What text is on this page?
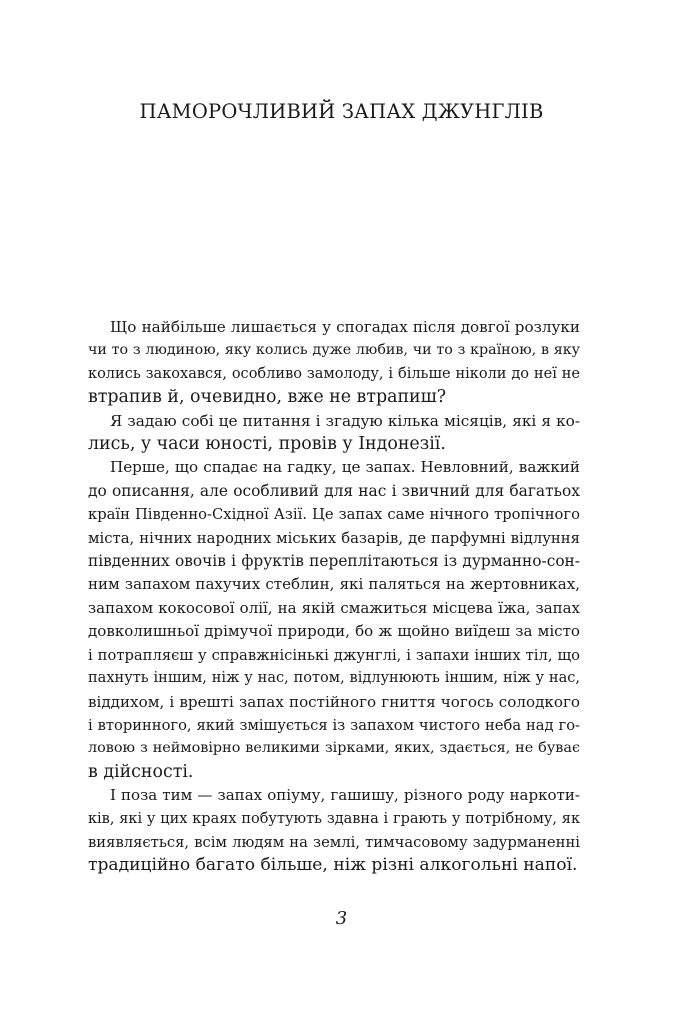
ПАМОРОЧЛИВИЙ ЗАПАХ ДЖУНГЛІВ

Що найбільше лишається у спогадах після довгої розлуки
чи то з людиною, яку колись дуже любив, чи то з країною, в яку
колись закохався, особливо замолоду, і більше ніколи до неї не
втрапив й, очевидно, вже не втрапиш?

Я задаю собі це питання і згадую кілька місяців, які я ко-
лись, у часи юності, провів у Індонезії.

Перше, що спадає на гадку, це запах. Невловний, важкий
до описання, але особливий для нас і звичний для багатьох
країн Південно-Східної Азії. Це запах саме нічного тропічного
міста, нічних народних міських базарів, де парфумні відлуння
південних овочів і фруктів переплітаються із дурманно-сон-
ним запахом пахучих стеблин, які паляться на жертовниках,
запахом кокосової олії, на якій смажиться місцева їжа, запах
довколишньої дрімучої природи, бо ж щойно виїдеш за місто
і потрапляєш у справжнісінькі джунглі, і запахи інших тіл, що
пахнуть іншим, ніж у нас, потом, відлунюють іншим, ніж у нас,
віддихом, і врешті запах постійного гниття чогось солодкого
і вторинного, який змішується із запахом чистого неба над го-
ловою з неймовірно великими зірками, яких, здається, не буває
в дійсності.

І поза тим — запах опіуму, гашишу, різного роду наркоти-
ків, які у цих краях побутують здавна і грають у потрібному, як
виявляється, всім людям на землі, тимчасовому задурманенні
традиційно багато більше, ніж різні алкогольні напої.

3
